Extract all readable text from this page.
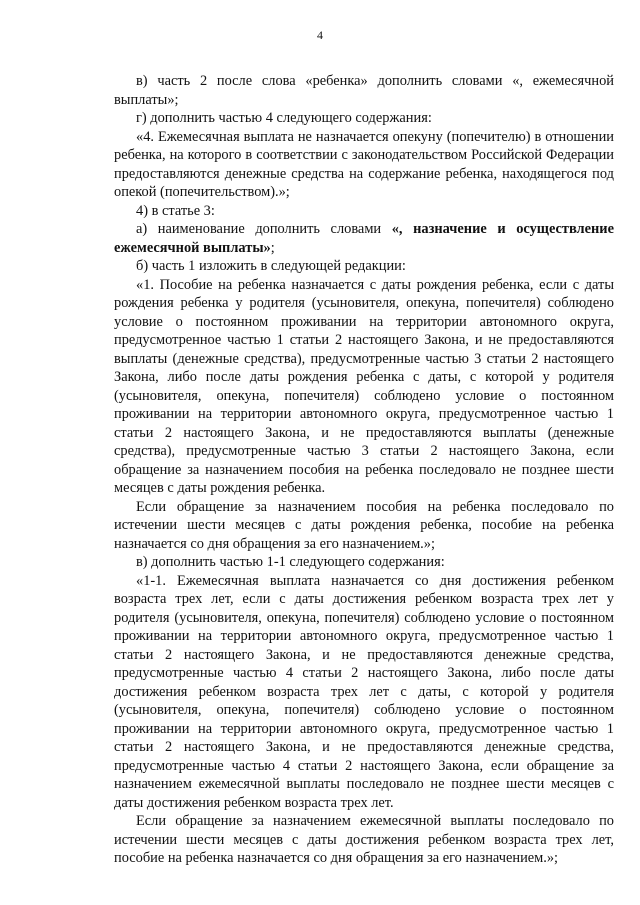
4

в) часть 2 после слова «ребенка» дополнить словами «, ежемесячной выплаты»;

г) дополнить частью 4 следующего содержания:

«4. Ежемесячная выплата не назначается опекуну (попечителю) в отношении ребенка, на которого в соответствии с законодательством Российской Федерации предоставляются денежные средства на содержание ребенка, находящегося под опекой (попечительством).»;

4) в статье 3:

а) наименование дополнить словами «, назначение и осуществление ежемесячной выплаты»;

б) часть 1 изложить в следующей редакции:

«1. Пособие на ребенка назначается с даты рождения ребенка, если с даты рождения ребенка у родителя (усыновителя, опекуна, попечителя) соблюдено условие о постоянном проживании на территории автономного округа, предусмотренное частью 1 статьи 2 настоящего Закона, и не предоставляются выплаты (денежные средства), предусмотренные частью 3 статьи 2 настоящего Закона, либо после даты рождения ребенка с даты, с которой у родителя (усыновителя, опекуна, попечителя) соблюдено условие о постоянном проживании на территории автономного округа, предусмотренное частью 1 статьи 2 настоящего Закона, и не предоставляются выплаты (денежные средства), предусмотренные частью 3 статьи 2 настоящего Закона, если обращение за назначением пособия на ребенка последовало не позднее шести месяцев с даты рождения ребенка.

Если обращение за назначением пособия на ребенка последовало по истечении шести месяцев с даты рождения ребенка, пособие на ребенка назначается со дня обращения за его назначением.»;

в) дополнить частью 1-1 следующего содержания:

«1-1. Ежемесячная выплата назначается со дня достижения ребенком возраста трех лет, если с даты достижения ребенком возраста трех лет у родителя (усыновителя, опекуна, попечителя) соблюдено условие о постоянном проживании на территории автономного округа, предусмотренное частью 1 статьи 2 настоящего Закона, и не предоставляются денежные средства, предусмотренные частью 4 статьи 2 настоящего Закона, либо после даты достижения ребенком возраста трех лет с даты, с которой у родителя (усыновителя, опекуна, попечителя) соблюдено условие о постоянном проживании на территории автономного округа, предусмотренное частью 1 статьи 2 настоящего Закона, и не предоставляются денежные средства, предусмотренные частью 4 статьи 2 настоящего Закона, если обращение за назначением ежемесячной выплаты последовало не позднее шести месяцев с даты достижения ребенком возраста трех лет.

Если обращение за назначением ежемесячной выплаты последовало по истечении шести месяцев с даты достижения ребенком возраста трех лет, пособие на ребенка назначается со дня обращения за его назначением.»;
